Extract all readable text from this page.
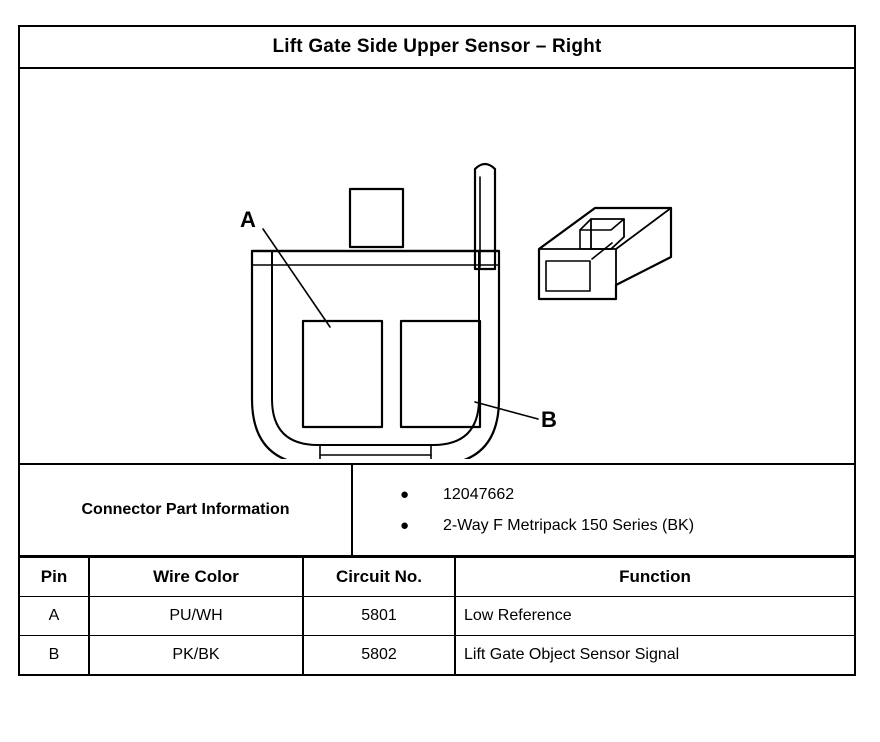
Lift Gate Side Upper Sensor – Right
A
B
Connector Part Information
●	12047662
●	2-Way F Metripack 150 Series (BK)
Pin	Wire Color	Circuit No.	Function
A	PU/WH	5801	Low Reference
B	PK/BK	5802	Lift Gate Object Sensor Signal
